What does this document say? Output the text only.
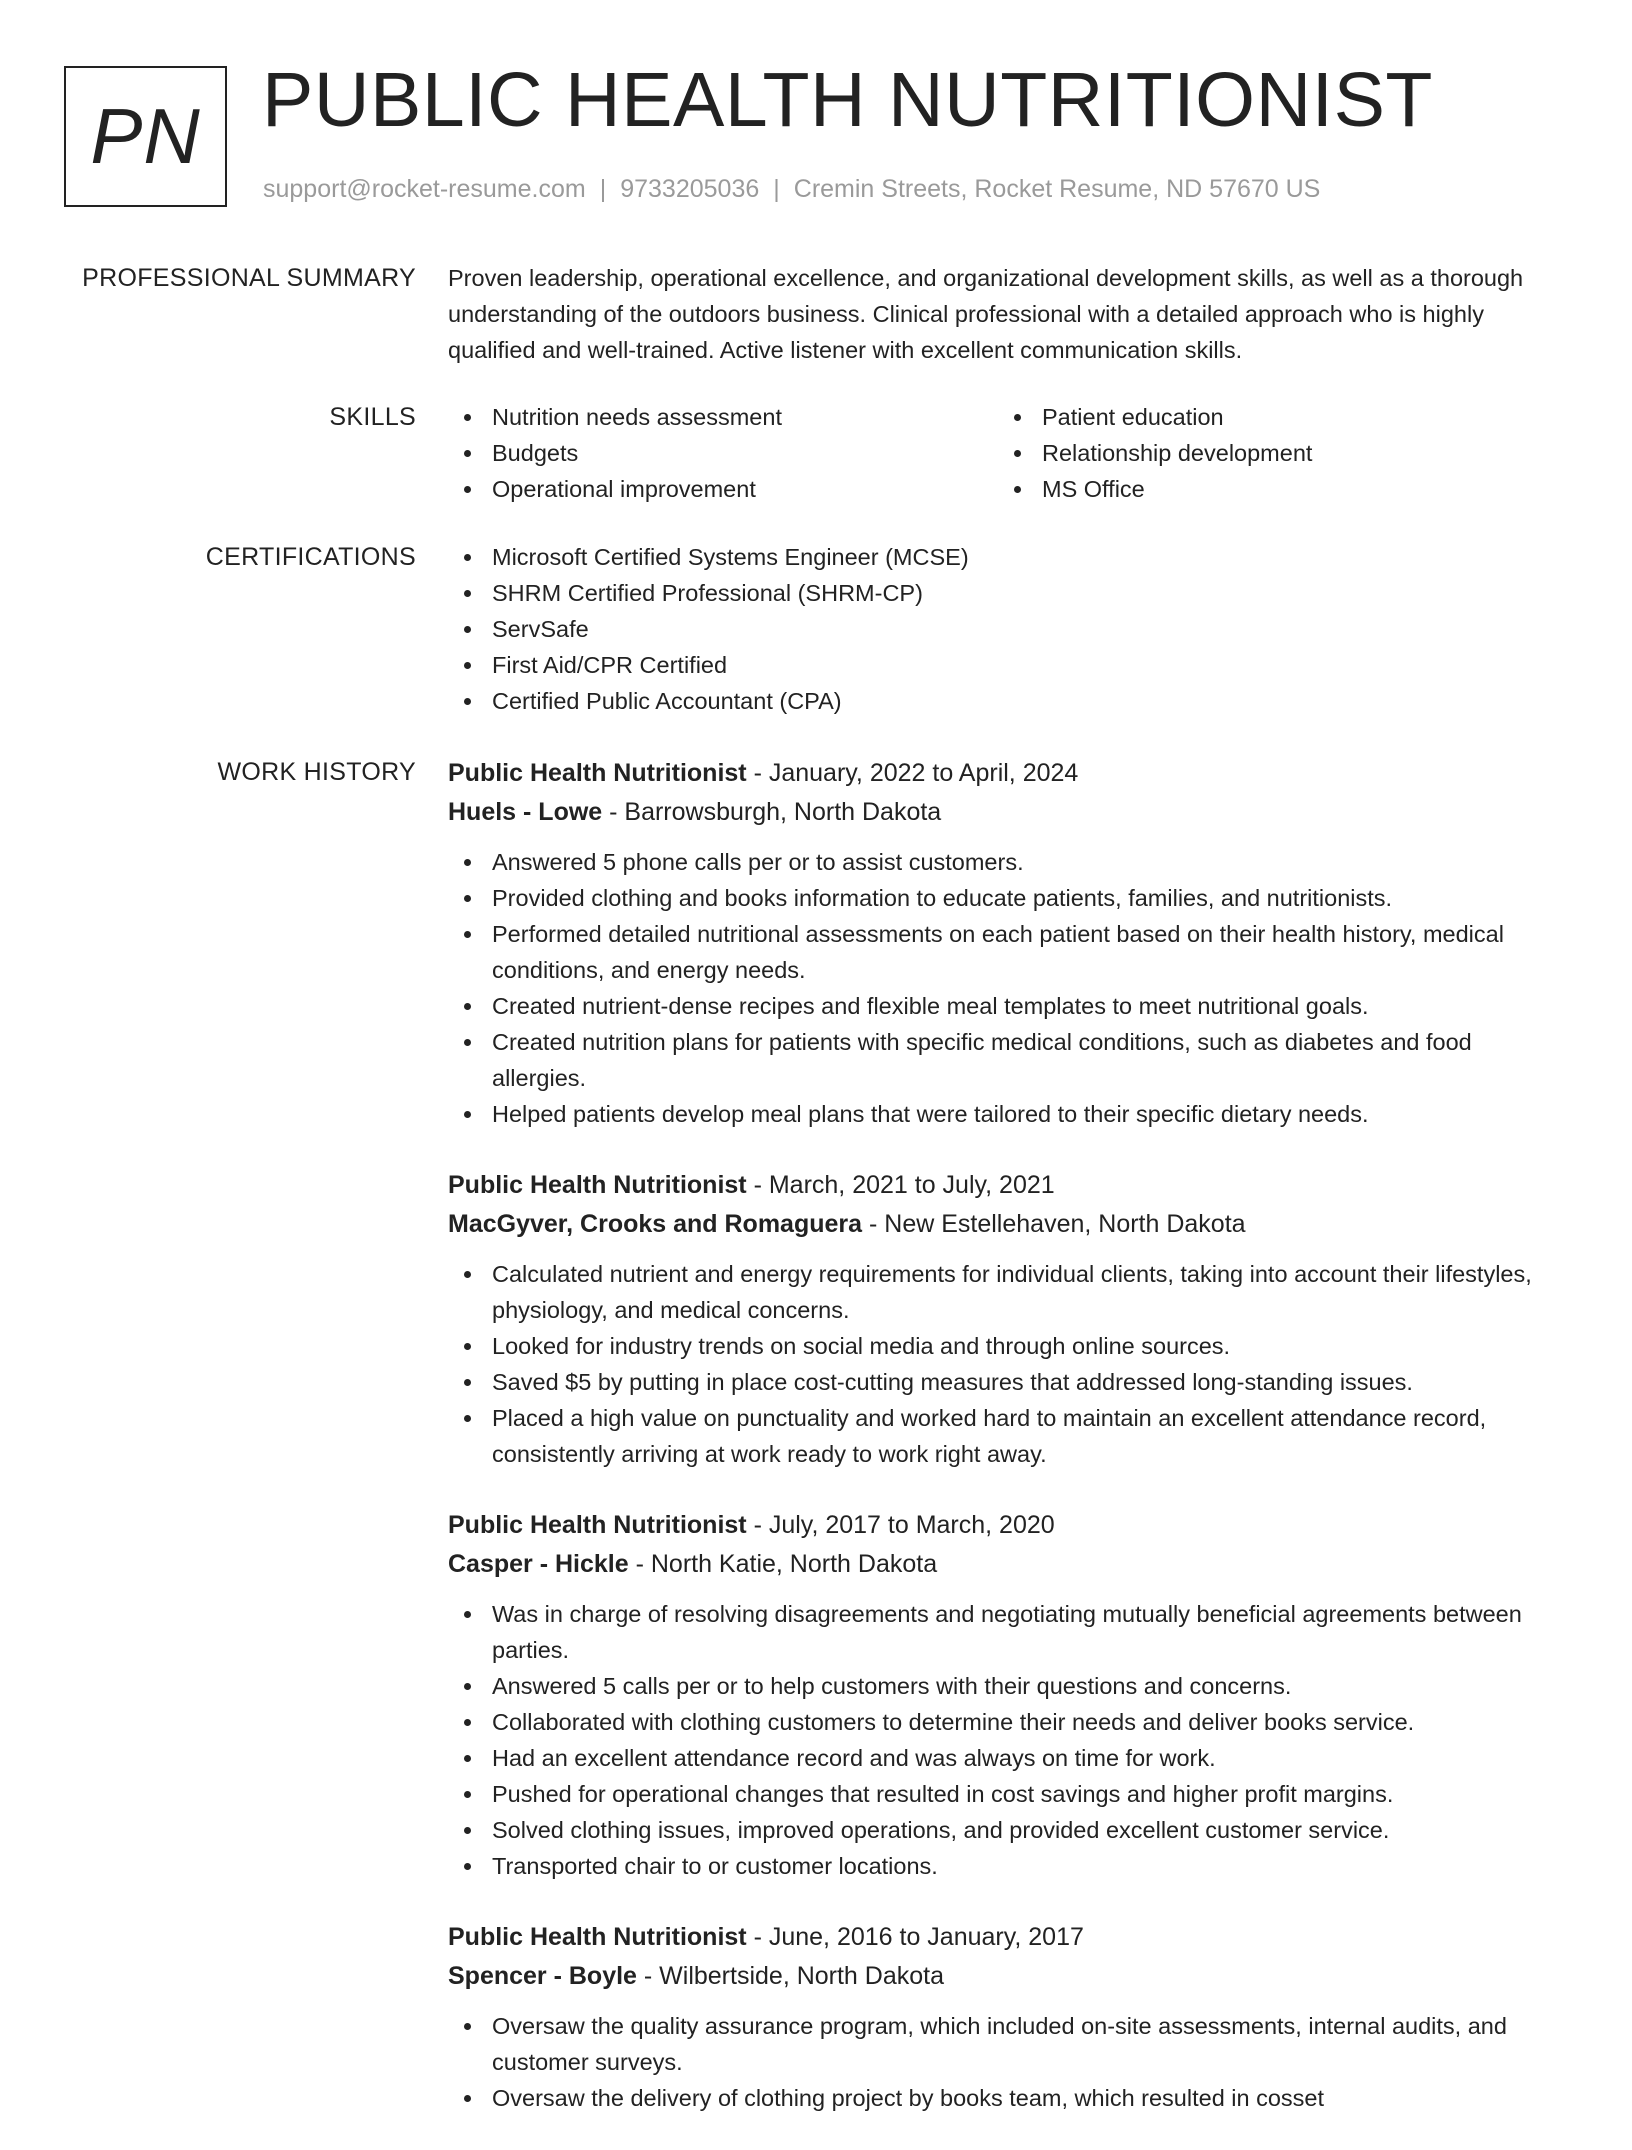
PN PUBLIC HEALTH NUTRITIONIST
support@rocket-resume.com | 9733205036 | Cremin Streets, Rocket Resume, ND 57670 US
PROFESSIONAL SUMMARY Proven leadership, operational excellence, and organizational development skills, as well as a thorough understanding of the outdoors business. Clinical professional with a detailed approach who is highly qualified and well-trained. Active listener with excellent communication skills.

SKILLS	Nutrition needs assessment
Budgets
Operational improvement
Patient education
Relationship development
MS Office
CERTIFICATIONS	Microsoft Certified Systems Engineer (MCSE)
SHRM Certified Professional (SHRM-CP)
ServSafe
First Aid/CPR Certified
Certified Public Accountant (CPA)
WORK HISTORY Public Health Nutritionist - January, 2022 to April, 2024
Huels - Lowe - Barrowsburgh, North Dakota
Answered 5 phone calls per or to assist customers.
Provided clothing and books information to educate patients, families, and nutritionists.
Performed detailed nutritional assessments on each patient based on their health history, medical conditions, and energy needs.
Created nutrient-dense recipes and flexible meal templates to meet nutritional goals.
Created nutrition plans for patients with specific medical conditions, such as diabetes and food allergies.
Helped patients develop meal plans that were tailored to their specific dietary needs.
Public Health Nutritionist - March, 2021 to July, 2021
MacGyver, Crooks and Romaguera - New Estellehaven, North Dakota
Calculated nutrient and energy requirements for individual clients, taking into account their lifestyles, physiology, and medical concerns.
Looked for industry trends on social media and through online sources.
Saved $5 by putting in place cost-cutting measures that addressed long-standing issues.
Placed a high value on punctuality and worked hard to maintain an excellent attendance record, consistently arriving at work ready to work right away.
Public Health Nutritionist - July, 2017 to March, 2020
Casper - Hickle - North Katie, North Dakota
Was in charge of resolving disagreements and negotiating mutually beneficial agreements between parties.
Answered 5 calls per or to help customers with their questions and concerns.
Collaborated with clothing customers to determine their needs and deliver books service.
Had an excellent attendance record and was always on time for work.
Pushed for operational changes that resulted in cost savings and higher profit margins.
Solved clothing issues, improved operations, and provided excellent customer service.
Transported chair to or customer locations.
Public Health Nutritionist - June, 2016 to January, 2017
Spencer - Boyle - Wilbertside, North Dakota
Oversaw the quality assurance program, which included on-site assessments, internal audits, and customer surveys.
Oversaw the delivery of clothing project by books team, which resulted in cosset
